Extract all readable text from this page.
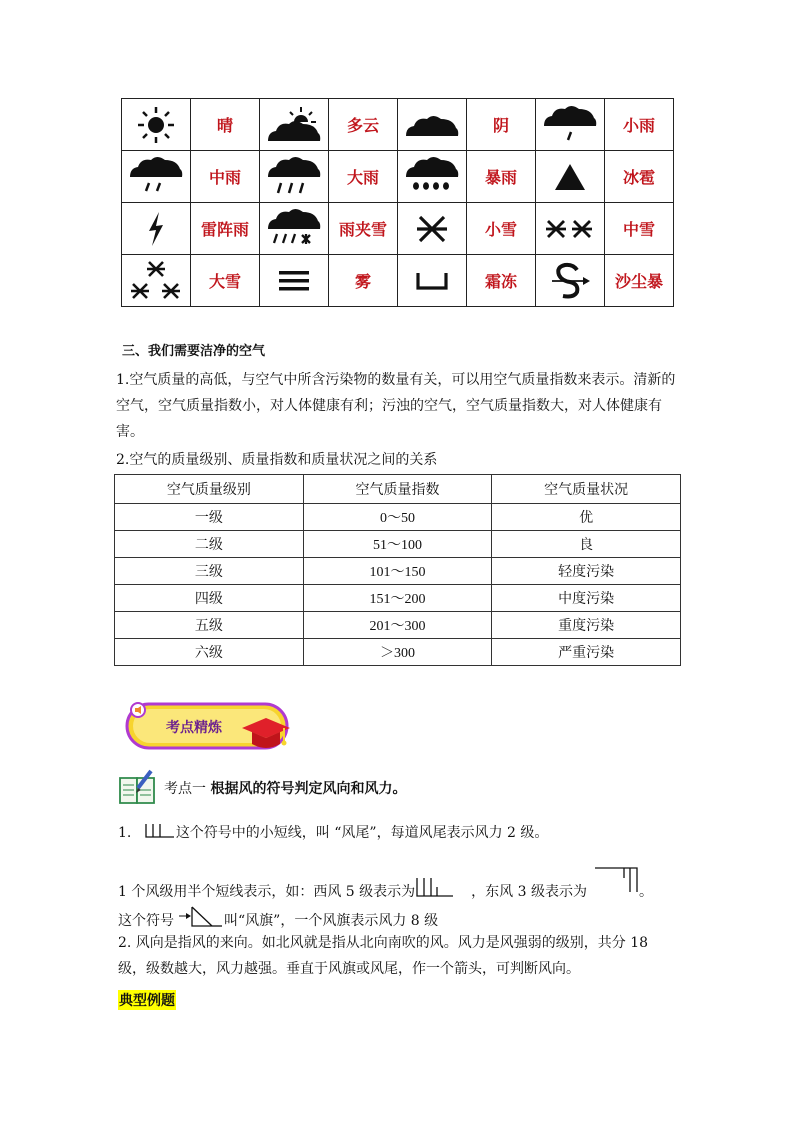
	晴		多云		阴		小雨

	中雨		大雨		暴雨		冰雹

	雷阵雨		雨夹雪		小雪		中雪

	大雪		雾		霜冻		沙尘暴
三、我们需要洁净的空气
1.空气质量的高低，与空气中所含污染物的数量有关，可以用空气质量指数来表示。清新的空气，空气质量指数小，对人体健康有利；污浊的空气，空气质量指数大，对人体健康有害。
2.空气的质量级别、质量指数和质量状况之间的关系
空气质量级别	空气质量指数	空气质量状况
一级	0～50	优
二级	51～100	良
三级	101～150	轻度污染
四级	151～200	中度污染
五级	201～300	重度污染
六级	＞300	严重污染
考点精炼
考点一 根据风的符号判定风向和风力。
1.	这个符号中的小短线，叫 “风尾”，每道风尾表示风力 2 级。
1 个风级用半个短线表示，如：西风 5 级表示为	，东风 3 级表示为	。
这个符号	叫“风旗”，一个风旗表示风力 8 级
2. 风向是指风的来向。如北风就是指从北向南吹的风。风力是风强弱的级别，共分 18 级，级数越大，风力越强。垂直于风旗或风尾，作一个箭头，可判断风向。
典型例题
